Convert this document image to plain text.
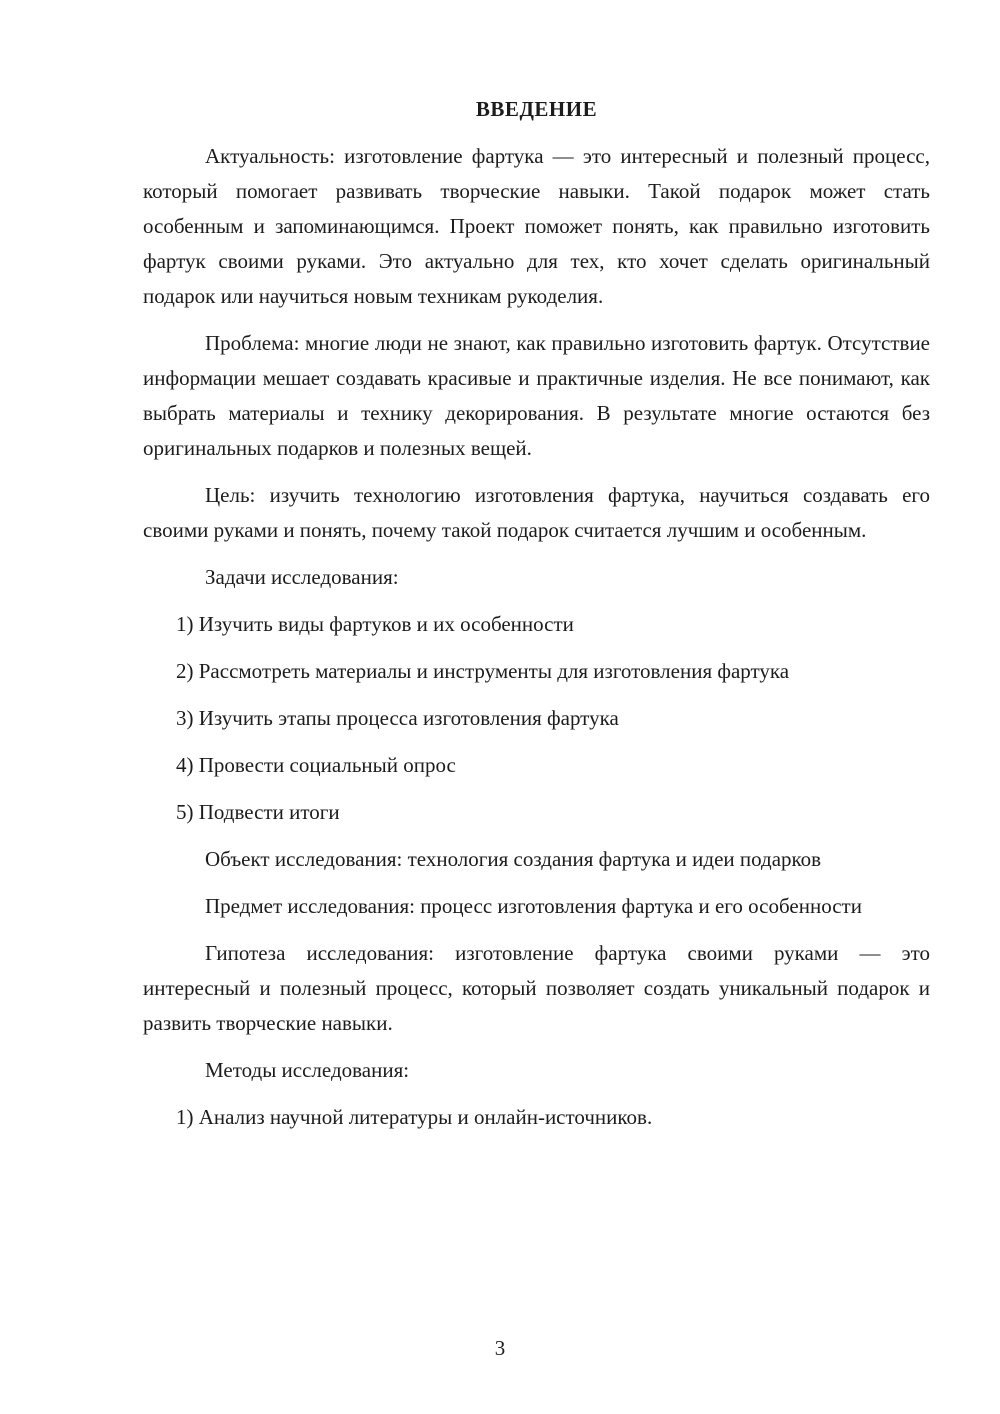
ВВЕДЕНИЕ

Актуальность: изготовление фартука — это интересный и полезный процесс, который помогает развивать творческие навыки. Такой подарок может стать особенным и запоминающимся. Проект поможет понять, как правильно изготовить фартук своими руками. Это актуально для тех, кто хочет сделать оригинальный подарок или научиться новым техникам рукоделия.

Проблема: многие люди не знают, как правильно изготовить фартук. Отсутствие информации мешает создавать красивые и практичные изделия. Не все понимают, как выбрать материалы и технику декорирования. В результате многие остаются без оригинальных подарков и полезных вещей.

Цель: изучить технологию изготовления фартука, научиться создавать его своими руками и понять, почему такой подарок считается лучшим и особенным.

Задачи исследования:

1) Изучить виды фартуков и их особенности

2) Рассмотреть материалы и инструменты для изготовления фартука

3) Изучить этапы процесса изготовления фартука

4) Провести социальный опрос

5) Подвести итоги

Объект исследования: технология создания фартука и идеи подарков

Предмет исследования: процесс изготовления фартука и его особенности

Гипотеза исследования: изготовление фартука своими руками — это интересный и полезный процесс, который позволяет создать уникальный подарок и развить творческие навыки.

Методы исследования:

1) Анализ научной литературы и онлайн-источников.

3
